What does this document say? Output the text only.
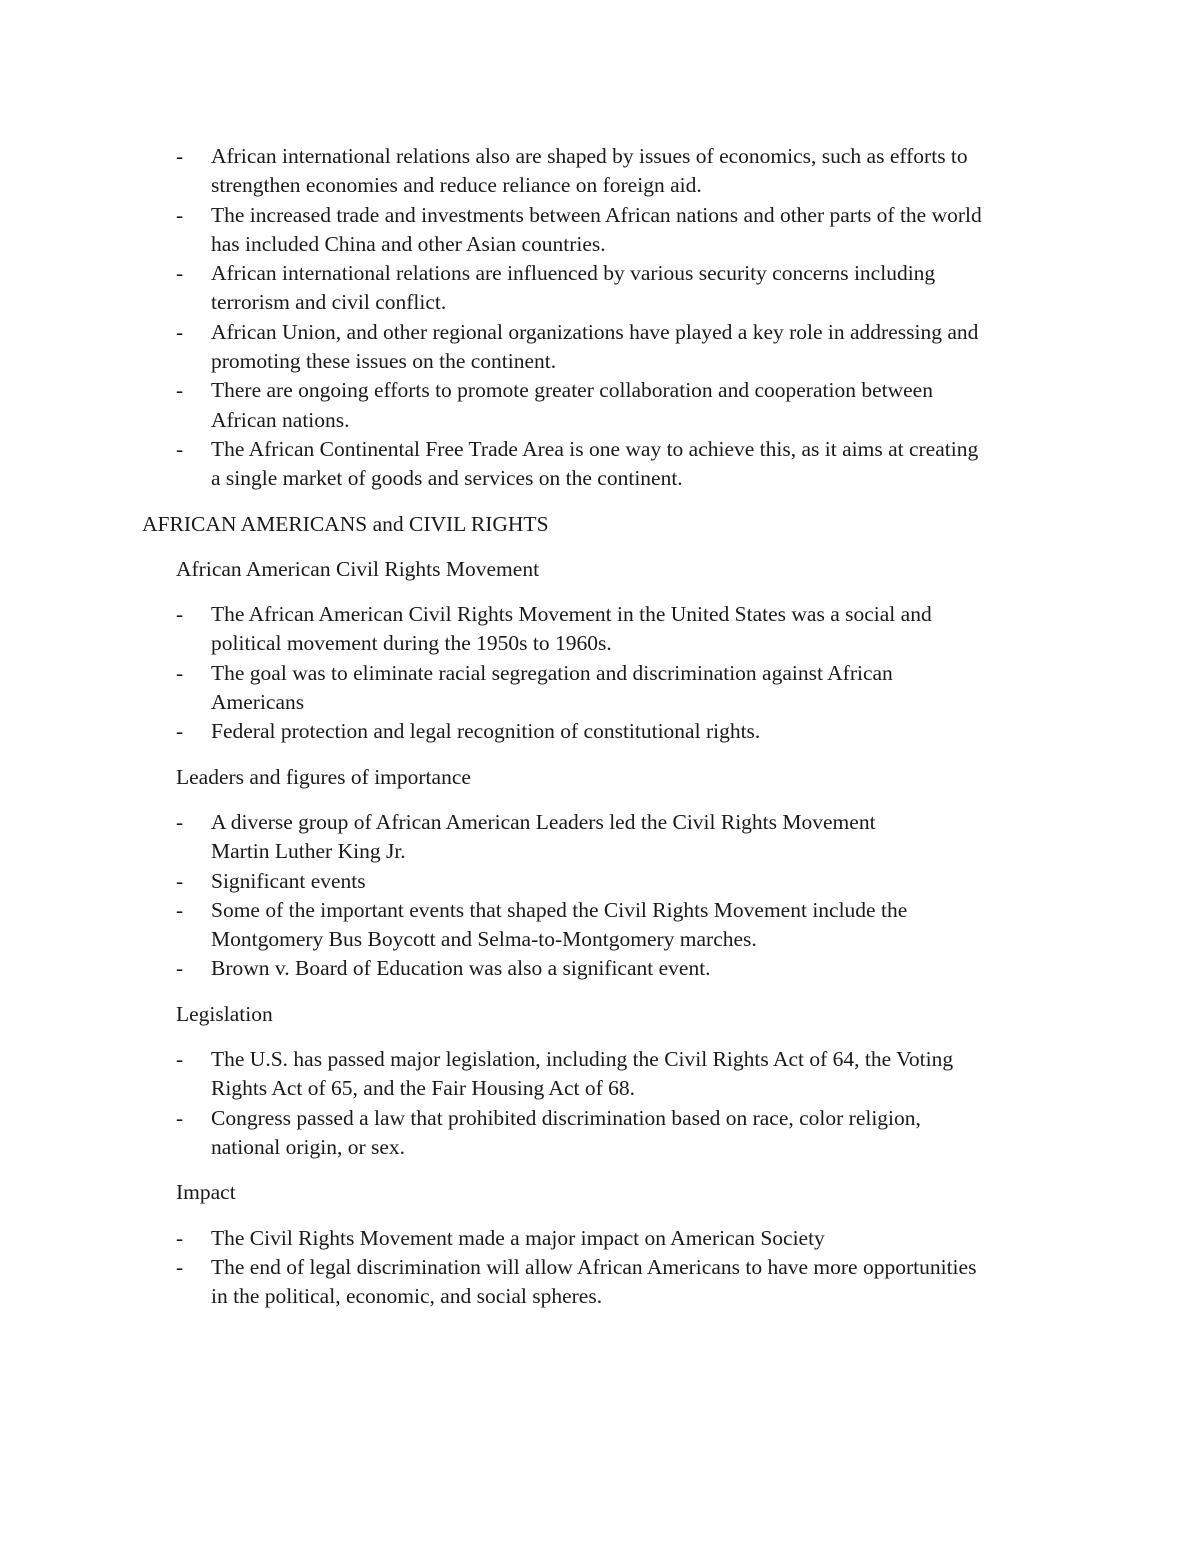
- African international relations also are shaped by issues of economics, such as efforts to
strengthen economies and reduce reliance on foreign aid.
- The increased trade and investments between African nations and other parts of the world
has included China and other Asian countries.
- African international relations are influenced by various security concerns including
terrorism and civil conflict.
- African Union, and other regional organizations have played a key role in addressing and
promoting these issues on the continent.
- There are ongoing efforts to promote greater collaboration and cooperation between
African nations.
- The African Continental Free Trade Area is one way to achieve this, as it aims at creating
a single market of goods and services on the continent.

AFRICAN AMERICANS and CIVIL RIGHTS

African American Civil Rights Movement

- The African American Civil Rights Movement in the United States was a social and
political movement during the 1950s to 1960s.
- The goal was to eliminate racial segregation and discrimination against African
Americans
- Federal protection and legal recognition of constitutional rights.

Leaders and figures of importance

- A diverse group of African American Leaders led the Civil Rights Movement
Martin Luther King Jr.
- Significant events
- Some of the important events that shaped the Civil Rights Movement include the
Montgomery Bus Boycott and Selma-to-Montgomery marches.
- Brown v. Board of Education was also a significant event.

Legislation

- The U.S. has passed major legislation, including the Civil Rights Act of 64, the Voting
Rights Act of 65, and the Fair Housing Act of 68.
- Congress passed a law that prohibited discrimination based on race, color religion,
national origin, or sex.

Impact

- The Civil Rights Movement made a major impact on American Society
- The end of legal discrimination will allow African Americans to have more opportunities
in the political, economic, and social spheres.
